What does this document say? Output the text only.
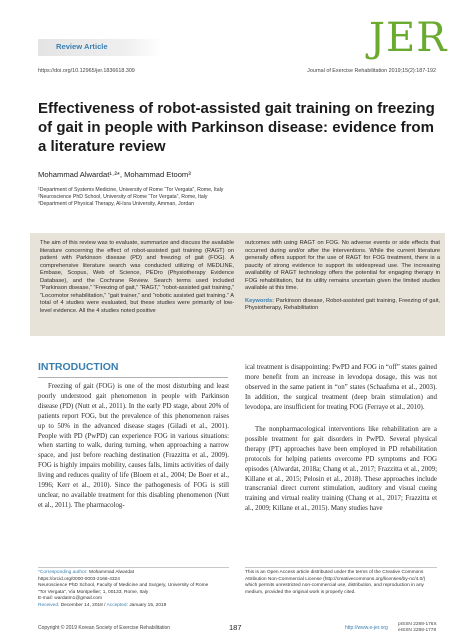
Review Article	JER
https://doi.org/10.12965/jer.1836618.309	Journal of Exercise Rehabilitation 2019;15(2):187-192
Effectiveness of robot-assisted gait training on freezing of gait in people with Parkinson disease: evidence from a literature review
Mohammad Alwardat¹·²*, Mohammad Etoom³
¹Department of Systems Medicine, University of Rome “Tor Vergata”, Rome, Italy
²Neuroscience PhD School, University of Rome “Tor Vergata”, Rome, Italy
³Department of Physical Therapy, Al-Isra University, Amman, Jordan
The aim of this review was to evaluate, summarize and discuss the available literature concerning the effect of robot-assisted gait training (RAGT) on patient with Parkinson disease (PD) and freezing of gait (FOG). A comprehensive literature search was conducted utilizing of MEDLINE, Embase, Scopus, Web of Science, PEDro (Physiotherapy Evidence Database), and the Cochrane Review. Search terms used included “Parkinson disease,” “Freezing of gait,” “RAGT,” “robot-assisted gait training,” “Locomotor rehabilitation,” “gait trainer,” and “robotic assisted gait training.” A total of 4 studies were evaluated, but these studies were primarily of low-level evidence. All the 4 studies noted positive
outcomes with using RAGT on FOG. No adverse events or side effects that occurred during and/or after the interventions. While the current literature generally offers support for the use of RAGT for FOG treatment, there is a paucity of strong evidence to support its widespread use. The increasing availability of RAGT technology offers the potential for engaging therapy in FOG rehabilitation, but its utility remains uncertain given the limited studies available at this time.
Keywords: Parkinson disease, Robot-assisted gait training, Freezing of gait, Physiotherapy, Rehabilitation
INTRODUCTION

Freezing of gait (FOG) is one of the most disturbing and least poorly understood gait phenomenon in people with Parkinson disease (PD) (Nutt et al., 2011). In the early PD stage, about 20% of patients report FOG, but the prevalence of this phenomenon raises up to 50% in the advanced disease stages (Giladi et al., 2001). People with PD (PwPD) can experience FOG in various situations: when starting to walk, during turning, when approaching a narrow space, and just before reaching destination (Frazzitta et al., 2009). FOG is highly impairs mobility, causes falls, limits activities of daily living and reduces quality of life (Bloem et al., 2004; De Boer et al., 1996; Kerr et al., 2010). Since the pathogenesis of FOG is still unclear, no available treatment for this disabling phenomenon (Nutt et al., 2011). The pharmacolog-

ical treatment is disappointing: PwPD and FOG in “off” states gained more benefit from an increase in levodopa dosage, this was not observed in the same patient in “on” states (Schaafsma et al., 2003). In addition, the surgical treatment (deep brain stimulation) and levodopa, are insufficient for treating FOG (Ferraye et al., 2010).

The nonpharmacological interventions like rehabilitation are a possible treatment for gait disorders in PwPD. Several physical therapy (PT) approaches have been employed in PD rehabilitation protocols for helping patients overcome PD symptoms and FOG episodes (Alwardat, 2018a; Chang et al., 2017; Frazzitta et al., 2009; Killane et al., 2015; Pelosin et al., 2018). These approaches include transcranial direct current stimulation, auditory and visual cueing training and virtual reality training (Chang et al., 2017; Frazzitta et al., 2009; Killane et al., 2015). Many studies have

*Corresponding author: Mohammad Alwardat
https://orcid.org/0000-0003-2166-4324
Neuroscience PhD School, Faculty of Medicine and Surgery, University of Rome
“Tor Vergata”, Via Montpellier; 1, 00133, Rome, Italy
E-mail: wardatm1@gmail.com
Received: December 14, 2018 / Accepted: January 15, 2019
This is an Open Access article distributed under the terms of the Creative Commons Attribution Non-Commercial License (http://creativecommons.org/licenses/by-nc/4.0/) which permits unrestricted non-commercial use, distribution, and reproduction in any medium, provided the original work is properly cited.
Copyright © 2019 Korean Society of Exercise Rehabilitation	187	http://www.e-jer.org
pISSN 2288-176X
eISSN 2288-1778
